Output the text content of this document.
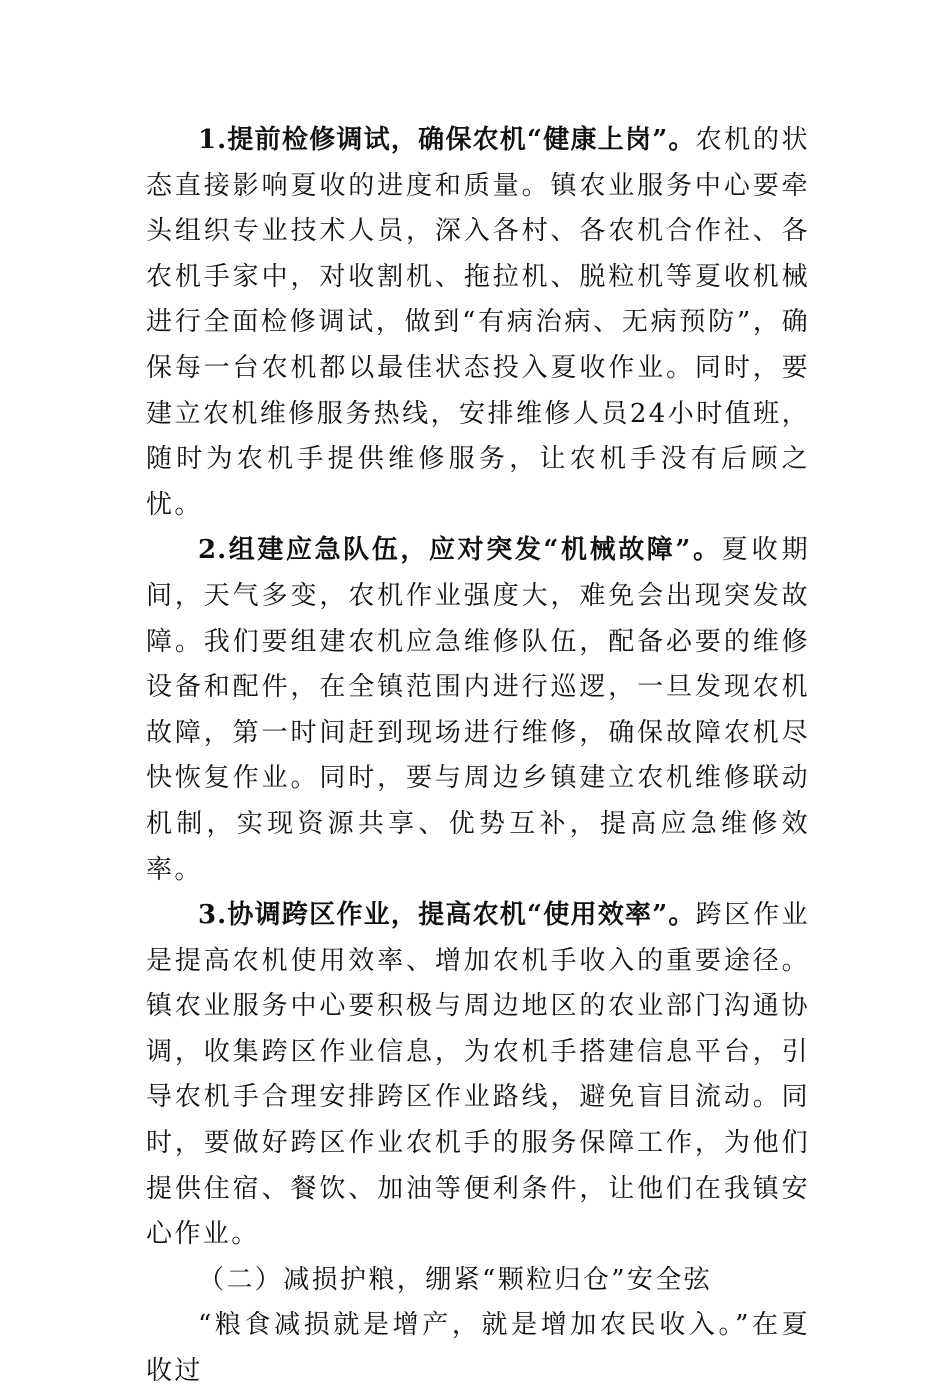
1.提前检修调试，确保农机“健康上岗”。农机的状态直接影响夏收的进度和质量。镇农业服务中心要牵头组织专业技术人员，深入各村、各农机合作社、各农机手家中，对收割机、拖拉机、脱粒机等夏收机械进行全面检修调试，做到“有病治病、无病预防”，确保每一台农机都以最佳状态投入夏收作业。同时，要建立农机维修服务热线，安排维修人员24小时值班，随时为农机手提供维修服务，让农机手没有后顾之忧。

2.组建应急队伍，应对突发“机械故障”。夏收期间，天气多变，农机作业强度大，难免会出现突发故障。我们要组建农机应急维修队伍，配备必要的维修设备和配件，在全镇范围内进行巡逻，一旦发现农机故障，第一时间赶到现场进行维修，确保故障农机尽快恢复作业。同时，要与周边乡镇建立农机维修联动机制，实现资源共享、优势互补，提高应急维修效率。

3.协调跨区作业，提高农机“使用效率”。跨区作业是提高农机使用效率、增加农机手收入的重要途径。镇农业服务中心要积极与周边地区的农业部门沟通协调，收集跨区作业信息，为农机手搭建信息平台，引导农机手合理安排跨区作业路线，避免盲目流动。同时，要做好跨区作业农机手的服务保障工作，为他们提供住宿、餐饮、加油等便利条件，让他们在我镇安心作业。

（二）减损护粮，绷紧“颗粒归仓”安全弦

“粮食减损就是增产，就是增加农民收入。”在夏收过
